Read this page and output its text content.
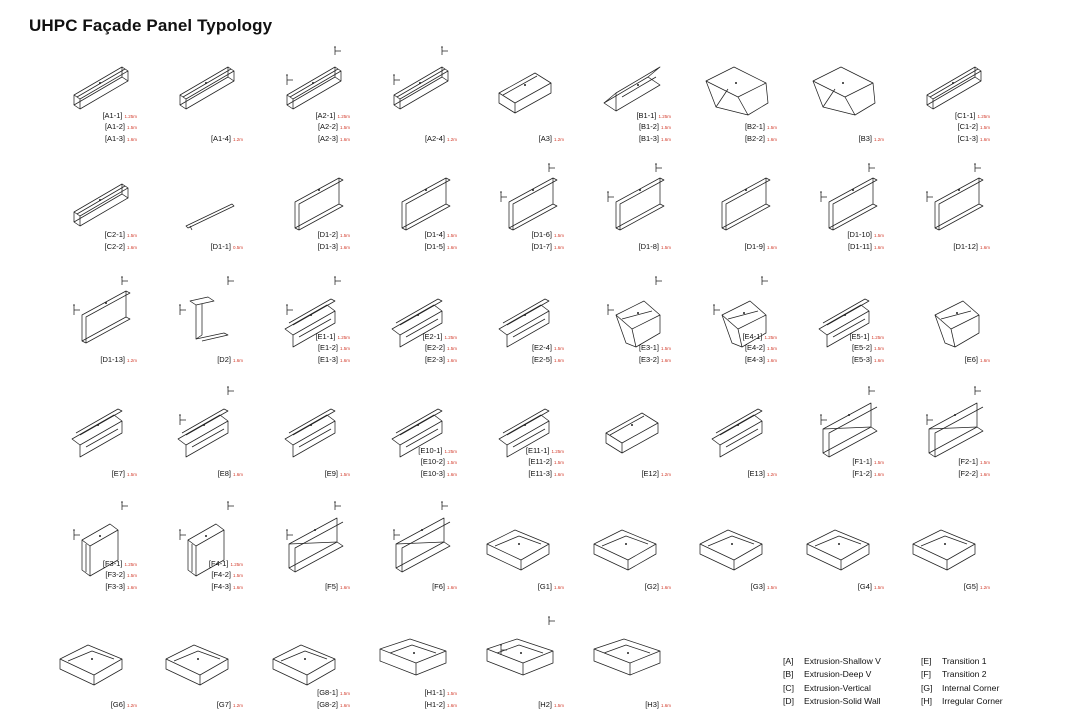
UHPC Façade Panel Typology
[A1-1] 1.25m
[A1-2] 1.5m
[A1-3] 1.6m	[A1-4] 1.2m
[A2-1] 1.25m
[A2-2] 1.5m
[A2-3] 1.6m	[A2-4] 1.2m	[A3] 1.2m
[B1-1] 1.25m
[B1-2] 1.5m
[B1-3] 1.6m
[B2-1] 1.5m
[B2-2] 1.6m	[B3] 1.2m
[C1-1] 1.25m
[C1-2] 1.5m
[C1-3] 1.6m
[C2-1] 1.5m
[C2-2] 1.6m	[D1-1] 0.5m
[D1-2] 1.5m
[D1-3] 1.6m
[D1-4] 1.5m
[D1-5] 1.6m
[D1-6] 1.5m
[D1-7] 1.6m	[D1-8] 1.5m	[D1-9] 1.6m
[D1-10] 1.5m
[D1-11] 1.6m	[D1-12] 1.6m
[D1-13] 1.2m	[D2] 1.6m
[E1-1] 1.25m
[E1-2] 1.5m
[E1-3] 1.6m
[E2-1] 1.25m
[E2-2] 1.5m
[E2-3] 1.6m
[E2-4] 1.5m
[E2-5] 1.6m
[E3-1] 1.5m
[E3-2] 1.6m
[E4-1] 1.25m
[E4-2] 1.5m
[E4-3] 1.6m
[E5-1] 1.25m
[E5-2] 1.5m
[E5-3] 1.6m	[E6] 1.6m
[E7] 1.5m	[E8] 1.6m	[E9] 1.5m
[E10-1] 1.25m
[E10-2] 1.5m
[E10-3] 1.6m
[E11-1] 1.25m
[E11-2] 1.5m
[E11-3] 1.6m	[E12] 1.2m	[E13] 1.2m
[F1-1] 1.5m
[F1-2] 1.6m
[F2-1] 1.5m
[F2-2] 1.6m
[F3-1] 1.25m
[F3-2] 1.5m
[F3-3] 1.6m
[F4-1] 1.25m
[F4-2] 1.5m
[F4-3] 1.6m	[F5] 1.6m	[F6] 1.6m	[G1] 1.6m	[G2] 1.6m	[G3] 1.5m	[G4] 1.5m	[G5] 1.2m
[G6] 1.2m	[G7] 1.2m
[G8-1] 1.5m
[G8-2] 1.6m
[H1-1] 1.5m
[H1-2] 1.6m	[H2] 1.5m	[H3] 1.6m
[A] Extrusion-Shallow V
[B] Extrusion-Deep V
[C] Extrusion-Vertical
[D] Extrusion-Solid Wall
[E] Transition 1
[F] Transition 2
[G] Internal Corner
[H] Irregular Corner
